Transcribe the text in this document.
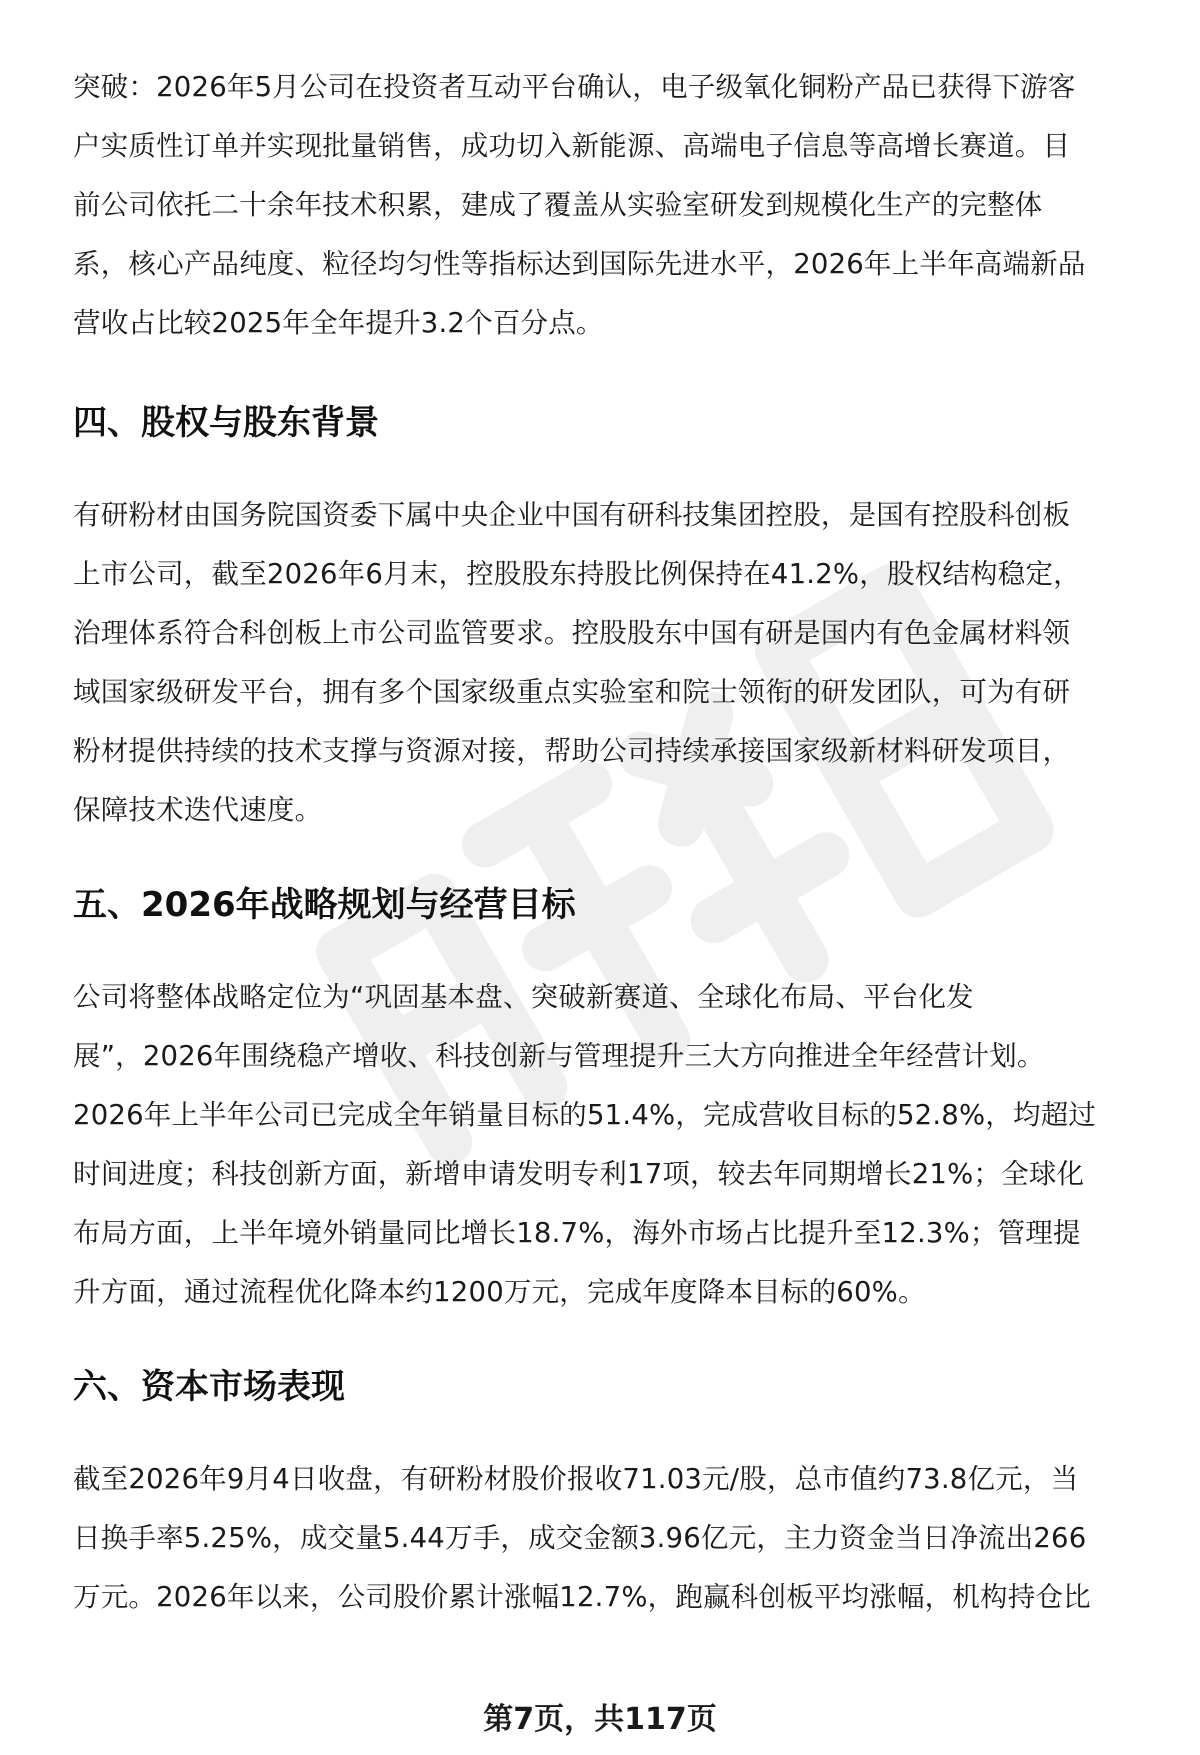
突破：2026年5月公司在投资者互动平台确认，电子级氧化铜粉产品已获得下游客
户实质性订单并实现批量销售，成功切入新能源、高端电子信息等高增长赛道。目
前公司依托二十余年技术积累，建成了覆盖从实验室研发到规模化生产的完整体
系，核心产品纯度、粒径均匀性等指标达到国际先进水平，2026年上半年高端新品
营收占比较2025年全年提升3.2个百分点。

四、股权与股东背景

有研粉材由国务院国资委下属中央企业中国有研科技集团控股，是国有控股科创板
上市公司，截至2026年6月末，控股股东持股比例保持在41.2%，股权结构稳定，
治理体系符合科创板上市公司监管要求。控股股东中国有研是国内有色金属材料领
域国家级研发平台，拥有多个国家级重点实验室和院士领衔的研发团队，可为有研
粉材提供持续的技术支撑与资源对接，帮助公司持续承接国家级新材料研发项目，
保障技术迭代速度。

五、2026年战略规划与经营目标

公司将整体战略定位为“巩固基本盘、突破新赛道、全球化布局、平台化发
展”，2026年围绕稳产增收、科技创新与管理提升三大方向推进全年经营计划。
2026年上半年公司已完成全年销量目标的51.4%，完成营收目标的52.8%，均超过
时间进度；科技创新方面，新增申请发明专利17项，较去年同期增长21%；全球化
布局方面，上半年境外销量同比增长18.7%，海外市场占比提升至12.3%；管理提
升方面，通过流程优化降本约1200万元，完成年度降本目标的60%。

六、资本市场表现

截至2026年9月4日收盘，有研粉材股价报收71.03元/股，总市值约73.8亿元，当
日换手率5.25%，成交量5.44万手，成交金额3.96亿元，主力资金当日净流出266
万元。2026年以来，公司股价累计涨幅12.7%，跑赢科创板平均涨幅，机构持仓比

第7页，共117页
